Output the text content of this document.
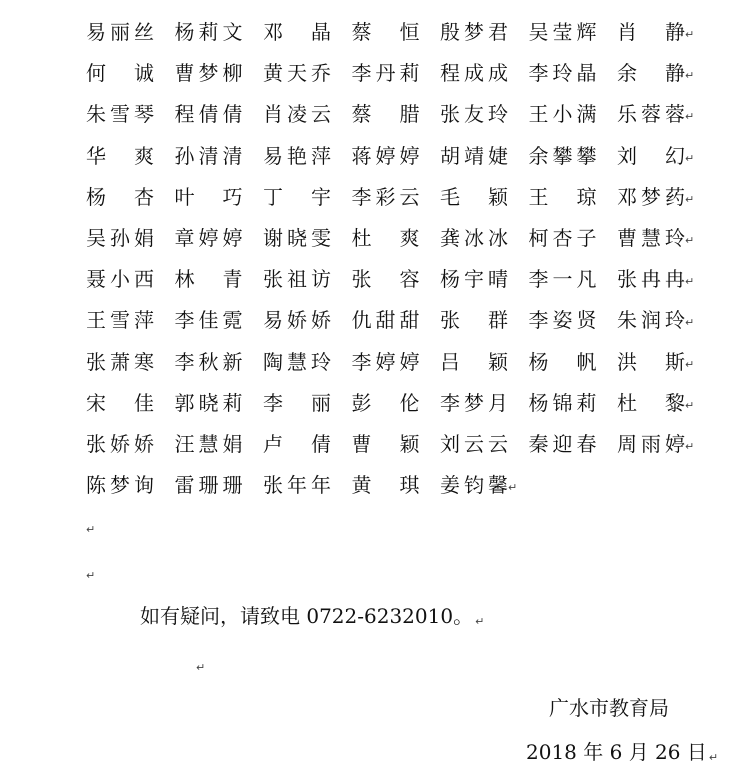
易丽丝 杨莉文 邓　晶 蔡　恒 殷梦君 吴莹辉 肖　静 ↵
何　诚 曹梦柳 黄天乔 李丹莉 程成成 李玲晶 余　静 ↵
朱雪琴 程倩倩 肖凌云 蔡　腊 张友玲 王小满 乐蓉蓉 ↵
华　爽 孙清清 易艳萍 蒋婷婷 胡靖婕 余攀攀 刘　幻 ↵
杨　杏 叶　巧 丁　宇 李彩云 毛　颖 王　琼 邓梦药 ↵
吴孙娟 章婷婷 谢晓雯 杜　爽 龚冰冰 柯杏子 曹慧玲 ↵
聂小西 林　青 张祖访 张　容 杨宇晴 李一凡 张冉冉 ↵
王雪萍 李佳霓 易娇娇 仇甜甜 张　群 李姿贤 朱润玲 ↵
张萧寒 李秋新 陶慧玲 李婷婷 吕　颖 杨　帆 洪　斯 ↵
宋　佳 郭晓莉 李　丽 彭　伦 李梦月 杨锦莉 杜　黎 ↵
张娇娇 汪慧娟 卢　倩 曹　颖 刘云云 秦迎春 周雨婷 ↵
陈梦询 雷珊珊 张年年 黄　琪 姜钧馨 ↵
↵
↵
如有疑问，请致电 0722-6232010。 ↵
↵
广水市教育局
2018 年 6 月 26 日 ↵
